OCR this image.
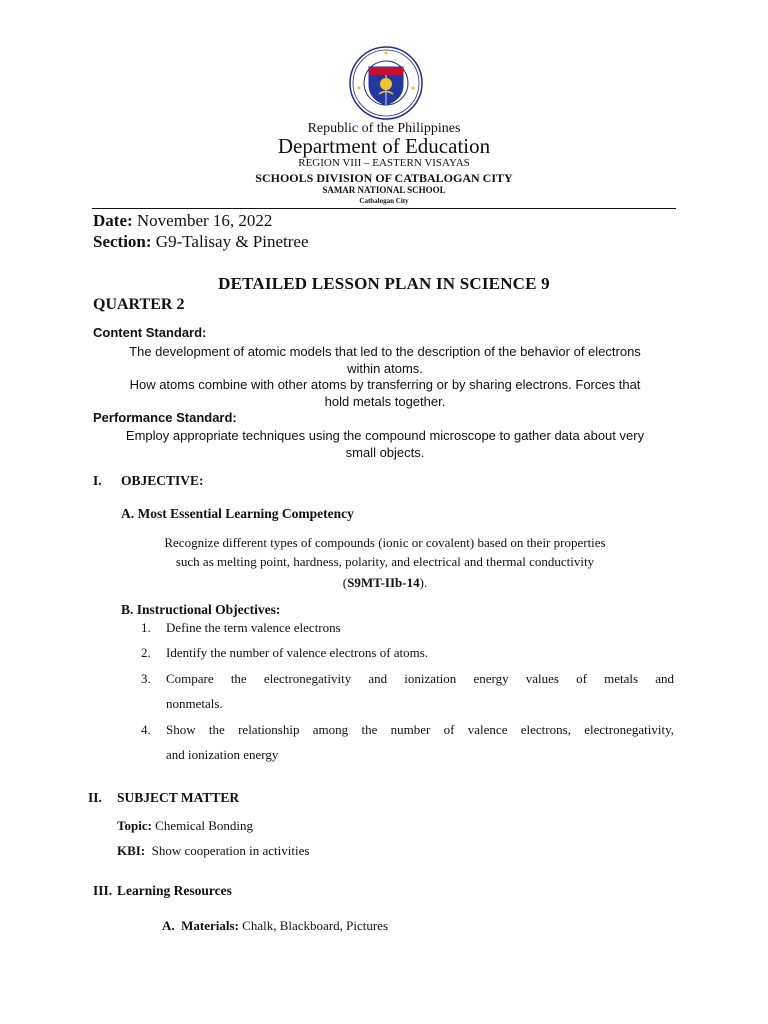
Republic of the Philippines
Department of Education
REGION VIII – EASTERN VISAYAS
SCHOOLS DIVISION OF CATBALOGAN CITY
SAMAR NATIONAL SCHOOL
Catbalogan City
Date: November 16, 2022
Section: G9-Talisay & Pinetree
DETAILED LESSON PLAN IN SCIENCE 9
QUARTER 2
Content Standard:
The development of atomic models that led to the description of the behavior of electrons
within atoms.
How atoms combine with other atoms by transferring or by sharing electrons. Forces that
hold metals together.
Performance Standard:
Employ appropriate techniques using the compound microscope to gather data about very
small objects.
I. OBJECTIVE:
A. Most Essential Learning Competency
Recognize different types of compounds (ionic or covalent) based on their properties
such as melting point, hardness, polarity, and electrical and thermal conductivity
(S9MT-IIb-14).
B. Instructional Objectives:
1. Define the term valence electrons
2. Identify the number of valence electrons of atoms.
3. Compare the electronegativity and ionization energy values of metals and
nonmetals.
4. Show the relationship among the number of valence electrons, electronegativity,
and ionization energy
II. SUBJECT MATTER
Topic: Chemical Bonding
KBI: Show cooperation in activities
III. Learning Resources
A. Materials: Chalk, Blackboard, Pictures
